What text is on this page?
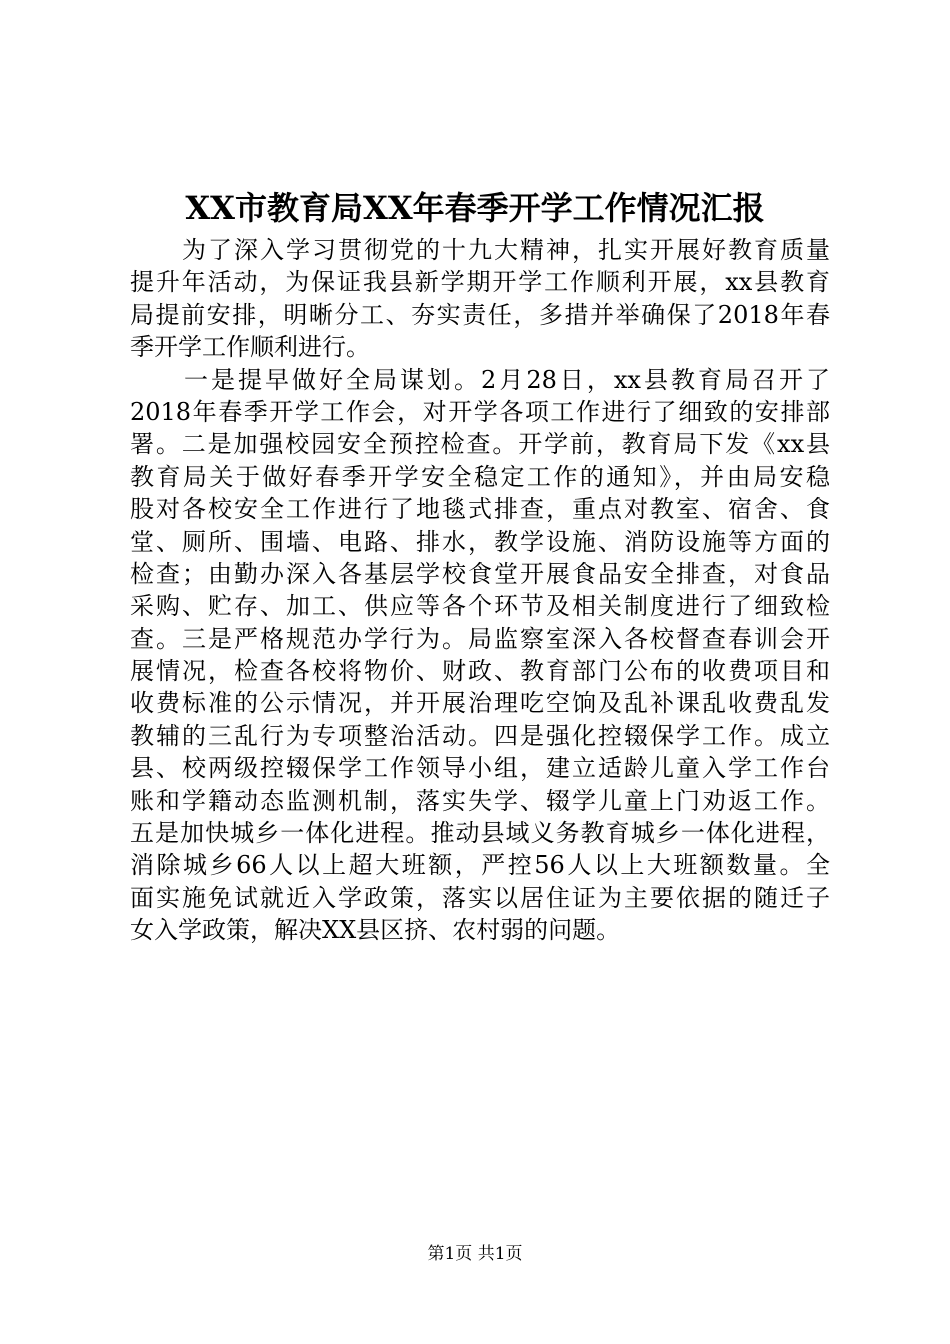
XX市教育局XX年春季开学工作情况汇报
　　为了深入学习贯彻党的十九大精神，扎实开展好教育质量
提升年活动，为保证我县新学期开学工作顺利开展，xx县教育
局提前安排，明晰分工、夯实责任，多措并举确保了2018年春
季开学工作顺利进行。
　　一是提早做好全局谋划。2月28日，xx县教育局召开了
2018年春季开学工作会，对开学各项工作进行了细致的安排部
署。二是加强校园安全预控检查。开学前，教育局下发《xx县
教育局关于做好春季开学安全稳定工作的通知》，并由局安稳
股对各校安全工作进行了地毯式排查，重点对教室、宿舍、食
堂、厕所、围墙、电路、排水，教学设施、消防设施等方面的
检查；由勤办深入各基层学校食堂开展食品安全排查，对食品
采购、贮存、加工、供应等各个环节及相关制度进行了细致检
查。三是严格规范办学行为。局监察室深入各校督查春训会开
展情况，检查各校将物价、财政、教育部门公布的收费项目和
收费标准的公示情况，并开展治理吃空饷及乱补课乱收费乱发
教辅的三乱行为专项整治活动。四是强化控辍保学工作。成立
县、校两级控辍保学工作领导小组，建立适龄儿童入学工作台
账和学籍动态监测机制，落实失学、辍学儿童上门劝返工作。
五是加快城乡一体化进程。推动县域义务教育城乡一体化进程，
消除城乡66人以上超大班额，严控56人以上大班额数量。全
面实施免试就近入学政策，落实以居住证为主要依据的随迁子
女入学政策，解决XX县区挤、农村弱的问题。
第1页 共1页
